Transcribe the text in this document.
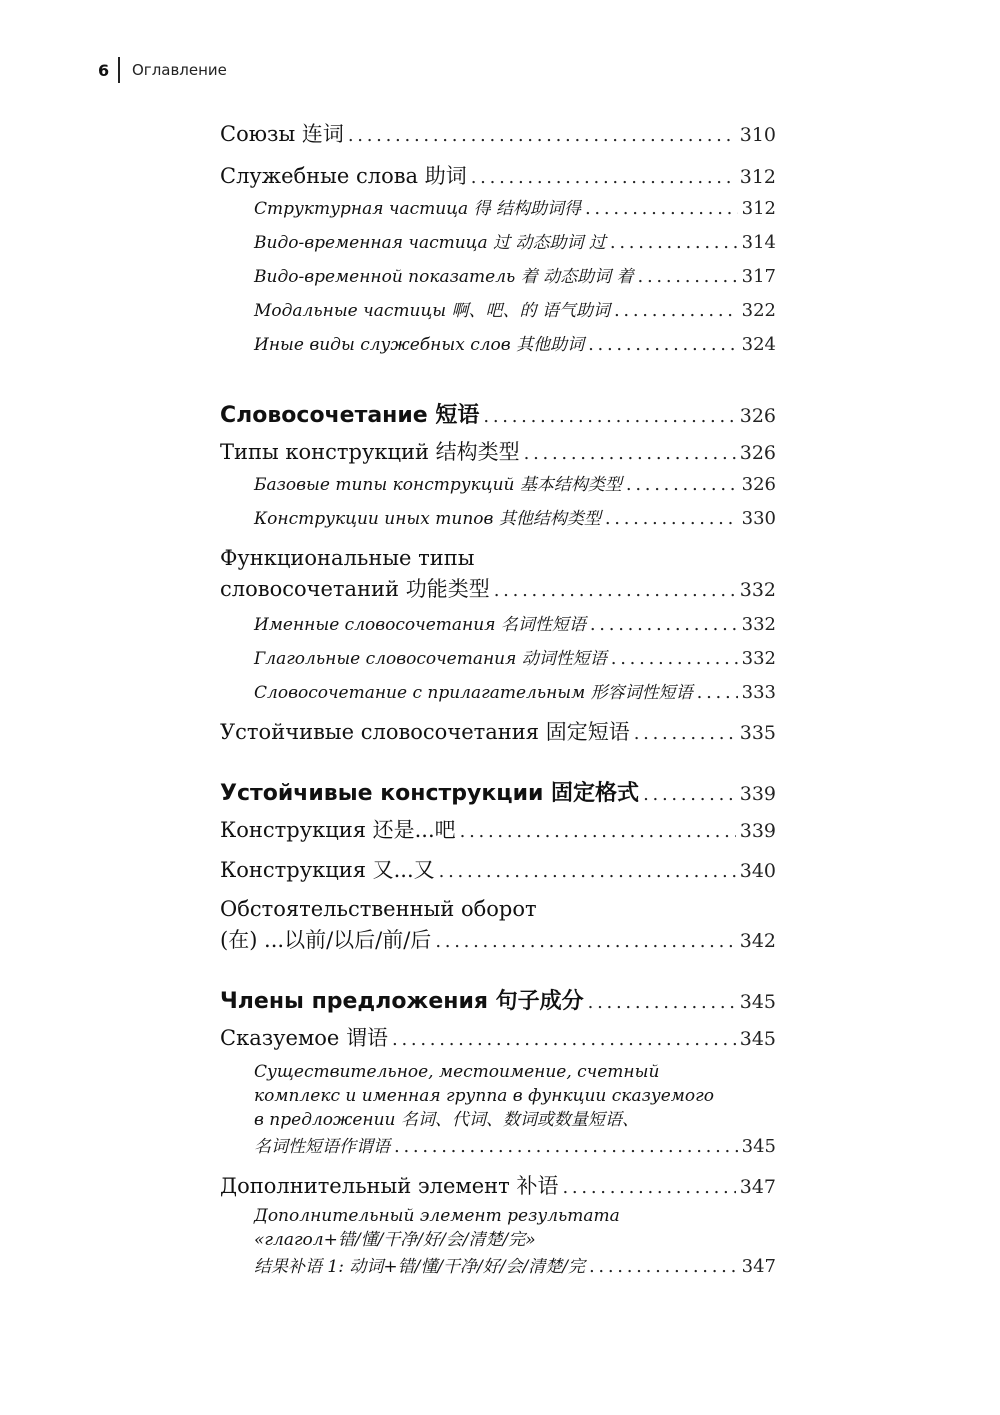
6 Оглавление
Союзы 连词 . . .	310
Служебные слова 助词 . . .	312
Структурная частица 得 结构助词得 . . .	312
Видо-временная частица 过 动态助词 过 . . .	314
Видо-временной показатель 着 动态助词 着 . . .	317
Модальные частицы 啊、吧、的 语气助词 . . .	322
Иные виды служебных слов 其他助词 . . .	324
Словосочетание 短语 . . .	326
Типы конструкций 结构类型 . . .	326
Базовые типы конструкций 基本结构类型 . . .	326
Конструкции иных типов 其他结构类型 . . .	330
Функциональные типы
словосочетаний 功能类型 . . .	332
Именные словосочетания 名词性短语 . . .	332
Глагольные словосочетания 动词性短语 . . .	332
Словосочетание с прилагательным 形容词性短语 . . .	333
Устойчивые словосочетания 固定短语 . . .	335
Устойчивые конструкции 固定格式 . . .	339
Конструкция 还是...吧 . . .	339
Конструкция 又...又 . . .	340
Обстоятельственный оборот
(在) ...以前/以后/前/后 . . .	342
Члены предложения 句子成分 . . .	345
Сказуемое 谓语 . . .	345
Существительное, местоимение, счетный
комплекс и именная группа в функции сказуемого
в предложении 名词、代词、数词或数量短语、
名词性短语作谓语 . . .	345
Дополнительный элемент 补语 . . .	347
Дополнительный элемент результата
«глагол+错/懂/干净/好/会/清楚/完»
结果补语 1: 动词+错/懂/干净/好/会/清楚/完 . . .	347
